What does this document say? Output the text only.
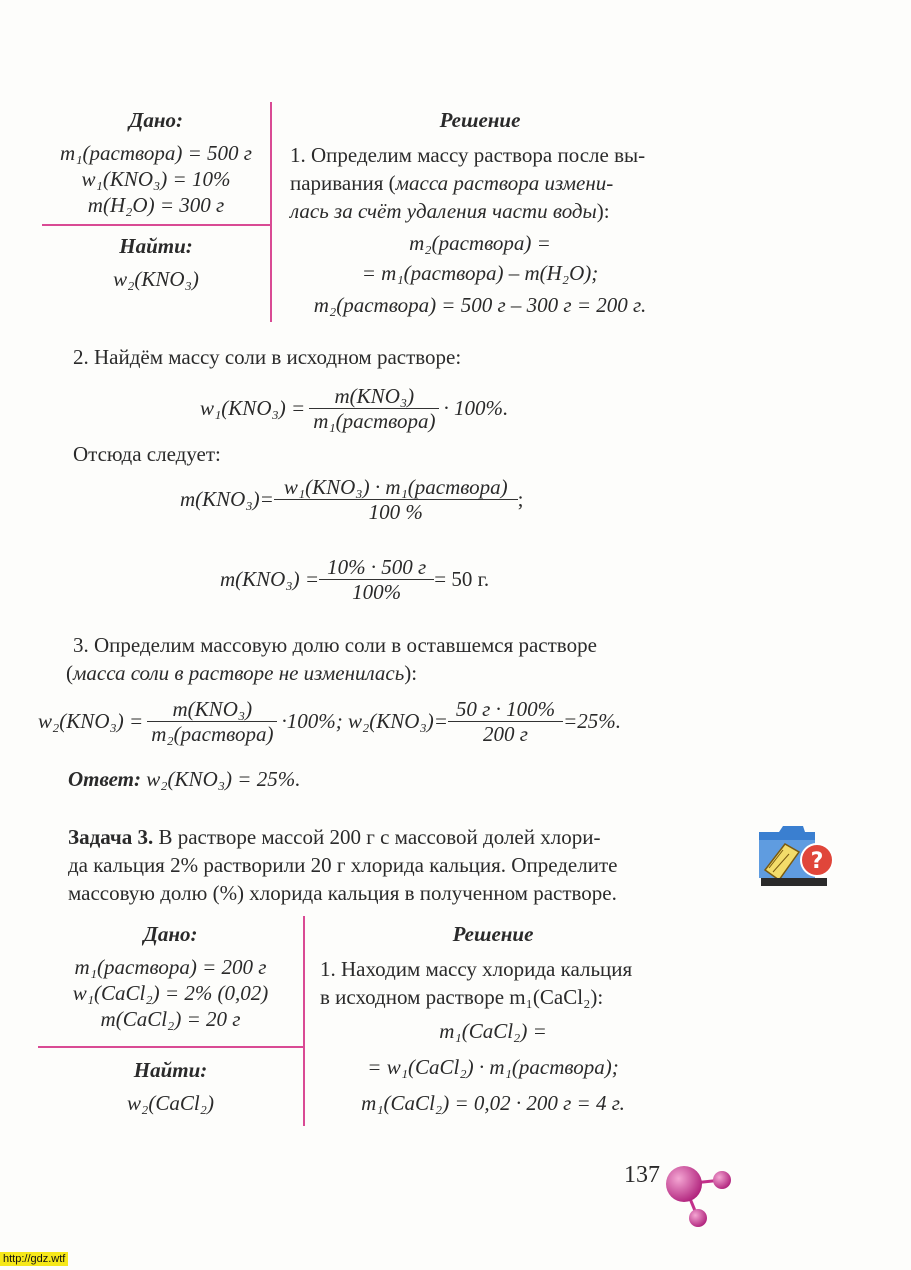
Дано:
m₁(раствора) = 500 г
w₁(KNO₃) = 10%
m(H₂O) = 300 г
Найти:
w₂(KNO₃)
Решение
1. Определим массу раствора после вы-
паривания (масса раствора измени-
лась за счёт удаления части воды):
m₂(раствора) =
= m₁(раствора) – m(H₂O);
m₂(раствора) = 500 г – 300 г = 200 г.
2. Найдём массу соли в исходном растворе:
$w_1(KNO_3) = \frac{\text{m(KNO₃)}}{\text{m₁(раствора)}} \cdot 100\%$.
Отсюда следует:
$m(KNO_3)= \frac{\text{w₁(KNO₃) · m₁(раствора)}}{100 \%}$ ;
$m(KNO_3) = \frac{10\% \cdot 500 г}{100\%} = 50$ г.
3. Определим массовую долю соли в оставшемся растворе
(масса соли в растворе не изменилась):
$w_2(KNO_3) = \frac{\text{m(KNO₃)}}{\text{m₂(раствора)}} \cdot 100\%$; $w_2(KNO_3)= \frac{50 г \cdot 100\%}{200 г} =25\%$.
Ответ: w₂(KNO₃) = 25%.
Задача 3. В растворе массой 200 г с массовой долей хлори-
да кальция 2% растворили 20 г хлорида кальция. Определите
массовую долю (%) хлорида кальция в полученном растворе.
?
Дано:
m₁(раствора) = 200 г
w₁(CaCl₂) = 2% (0,02)
m(CaCl₂) = 20 г
Найти:
w₂(CaCl₂)
Решение
1. Находим массу хлорида кальция
в исходном растворе m₁(CaCl₂):
m₁(CaCl₂) =
= w₁(CaCl₂) · m₁(раствора);
m₁(CaCl₂) = 0,02 · 200 г = 4 г.
137
http://gdz.wtf
